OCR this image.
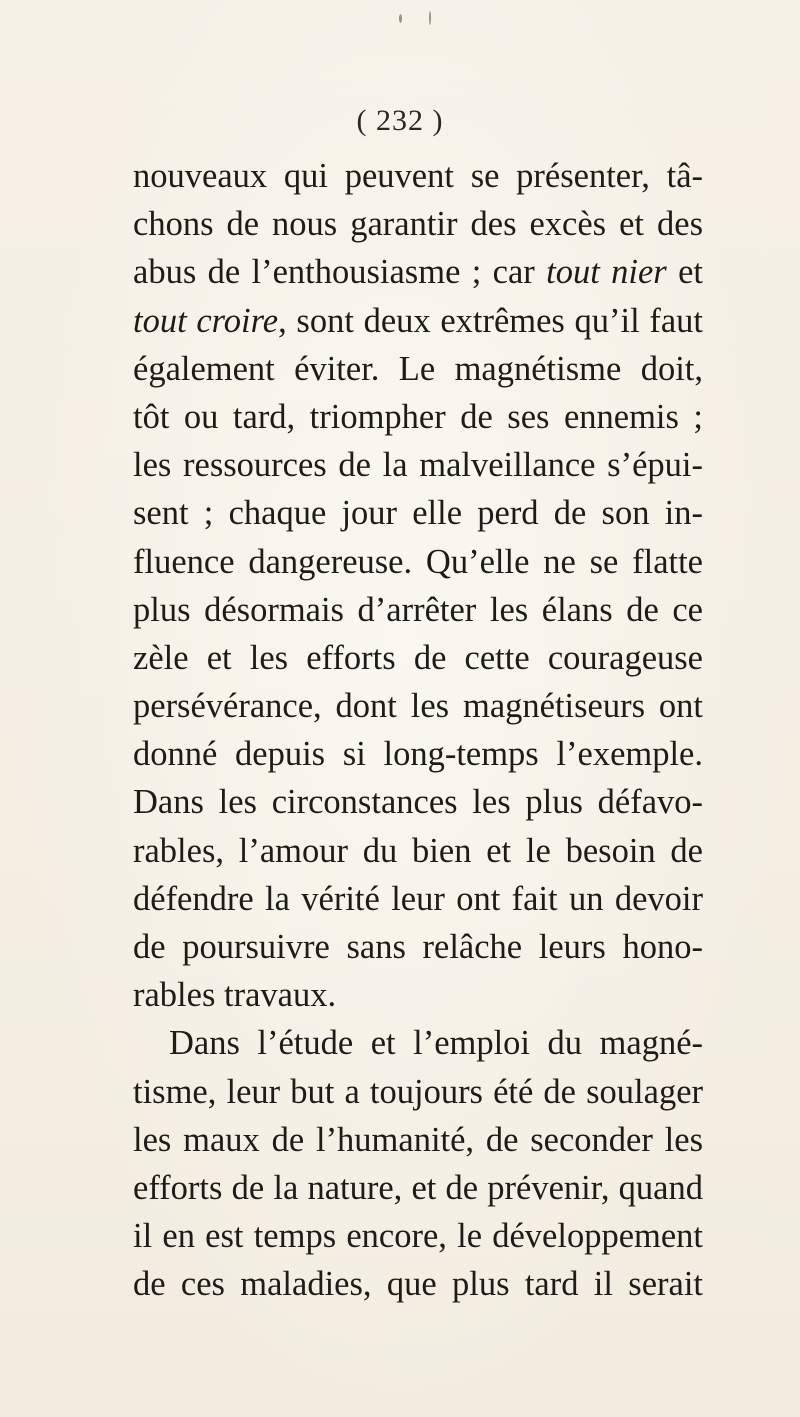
( 232 )
nouveaux qui peuvent se présenter, tâ-
chons de nous garantir des excès et des
abus de l’enthousiasme ; car tout nier et
tout croire, sont deux extrêmes qu’il faut
également éviter. Le magnétisme doit,
tôt ou tard, triompher de ses ennemis ;
les ressources de la malveillance s’épui-
sent ; chaque jour elle perd de son in-
fluence dangereuse. Qu’elle ne se flatte
plus désormais d’arrêter les élans de ce
zèle et les efforts de cette courageuse
persévérance, dont les magnétiseurs ont
donné depuis si long-temps l’exemple.
Dans les circonstances les plus défavo-
rables, l’amour du bien et le besoin de
défendre la vérité leur ont fait un devoir
de poursuivre sans relâche leurs hono-
rables travaux.
Dans l’étude et l’emploi du magné-
tisme, leur but a toujours été de soulager
les maux de l’humanité, de seconder les
efforts de la nature, et de prévenir, quand
il en est temps encore, le développement
de ces maladies, que plus tard il serait
